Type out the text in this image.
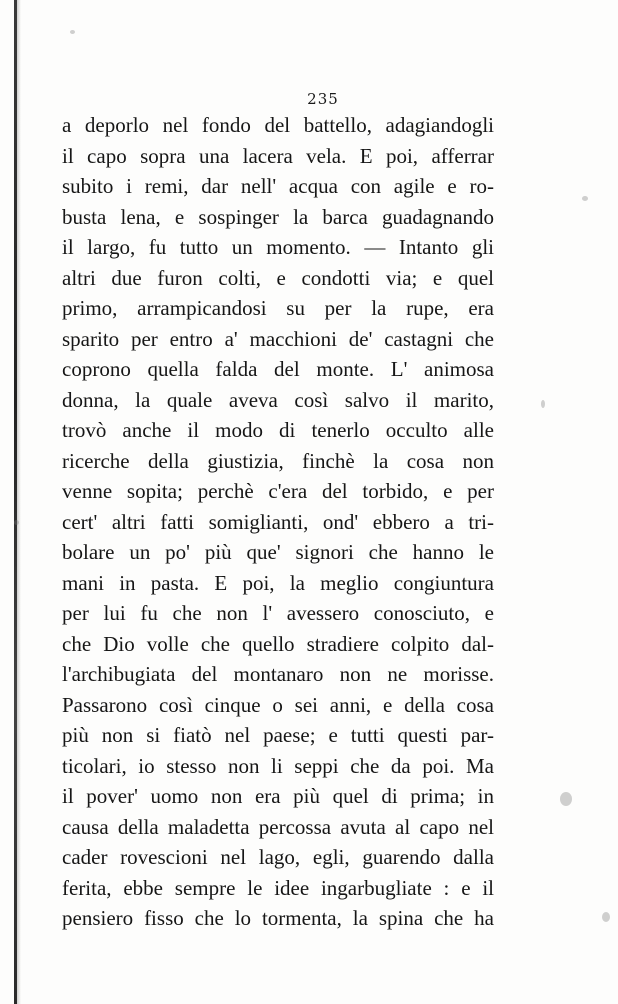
235
a deporlo nel fondo del battello, adagiandogli
il capo sopra una lacera vela. E poi, afferrar
subito i remi, dar nell' acqua con agile e ro-
busta lena, e sospinger la barca guadagnando
il largo, fu tutto un momento. — Intanto gli
altri due furon colti, e condotti via; e quel
primo, arrampicandosi su per la rupe, era
sparito per entro a' macchioni de' castagni che
coprono quella falda del monte. L' animosa
donna, la quale aveva così salvo il marito,
trovò anche il modo di tenerlo occulto alle
ricerche della giustizia, finchè la cosa non
venne sopita; perchè c'era del torbido, e per
cert' altri fatti somiglianti, ond' ebbero a tri-
bolare un po' più que' signori che hanno le
mani in pasta. E poi, la meglio congiuntura
per lui fu che non l' avessero conosciuto, e
che Dio volle che quello stradiere colpito dal-
l'archibugiata del montanaro non ne morisse.
Passarono così cinque o sei anni, e della cosa
più non si fiatò nel paese; e tutti questi par-
ticolari, io stesso non li seppi che da poi. Ma
il pover' uomo non era più quel di prima; in
causa della maladetta percossa avuta al capo nel
cader rovescioni nel lago, egli, guarendo dalla
ferita, ebbe sempre le idee ingarbugliate : e il
pensiero fisso che lo tormenta, la spina che ha
